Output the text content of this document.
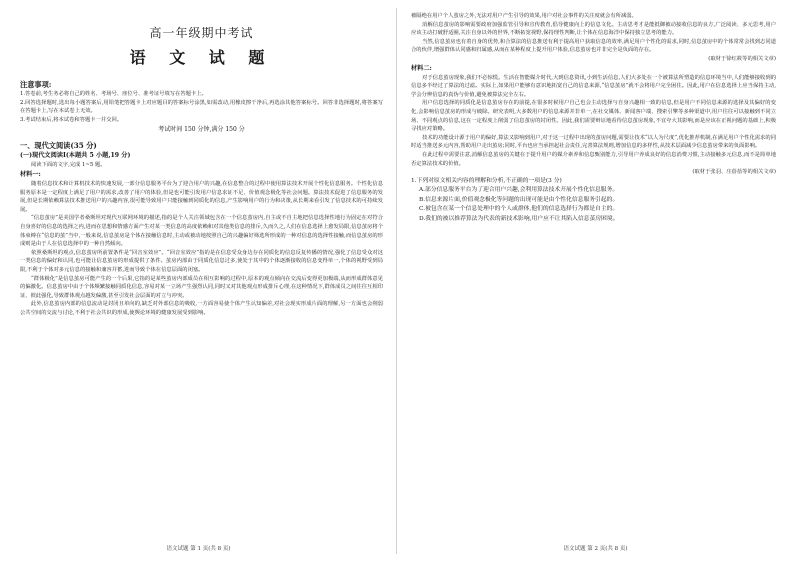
高一年级期中考试
语 文 试 题
注意事项:

1.答卷前,考生务必将自己的姓名、考场号、座位号、准考证号填写在答题卡上。

2.回答选择题时,选出每小题答案后,用铅笔把答题卡上对应题目的答案标号涂黑,如需改动,用橡皮擦干净后,再选涂其他答案标号。回答非选择题时,将答案写在答题卡上,写在本试卷上无效。

3.考试结束后,将本试卷和答题卡一并交回。

考试时间 150 分钟,满分 150 分
一、现代文阅读(35 分)
(一)现代文阅读Ⅰ(本题共 5 小题,19 分)

阅读下面的文字,完成 1~5 题。

材料一:

随着信息技术和计算机技术的快速发展,一部分信息服务平台为了迎合用户的兴趣,在信息整合的过程中使用算法技术开展个性化信息服务。个性化信息服务原本是一定程度上满足了用户的需求,改善了用户的体验,但是也可能引发用户信息求证不足、价值观念极化等社会问题。算法技术促进了信息服务的发展,但是长期依赖算法技术推送用户的兴趣内容,很可能导致用户只能接触到同质化的信息,产生影响用户的行为和决策,从长期来看引发了信息技术的可持续发展。

“信息茧房”是美国学者桑斯坦对现代互联网环境的描述,指的是个人关注领域包含在一个信息茧房内,自主或不自主地把信息选择性地行为固定在对符合自身喜好的信息的选择之内,进而在思想和情感方面产生对某一类信息的高度依赖和对其他类信息的排斥,久而久之,人们在信息选择上愈发局限,信息茧房将个体束缚在“信息的茧”当中,一般来说,信息茧房是个体在接触信息时,主动或被动地按照自己的兴趣偏好筛选所形成的一种对信息的选择性接触,而信息茧房的形成则是由于人在信息选择中的一种自然倾向。

依照桑斯坦的观点,信息茧房所前置条件是“回音室效应”。“回音室效应”指的是在信息受众身边存在同质化的信息反复传播的情况,强化了信息受众对这一类信息的偏好和认同,也可能让信息茧房的形成提供了条件。茧房内部由于同质化信息过多,使处于其中的个体逐渐接收的信息变得单一,个体的视野受到局限,不利于个体对多元信息的接触和兼容并蓄,进而导致个体在信息层面的闭塞。

“群体极化”是信息茧房可能产生的一个后果,它指的是某些茧房内部成员在相互影响的过程中,原本的观点倾向在交流后变得更加极端,从而形成群体意见的偏激化。信息茧房中由于个体频繁接触同质化信息,容易对某一立场产生强烈认同,同时又对其他观点形成排斥心理,在这种情况下,群体成员之间往往互相印证、彼此强化,导致群体观点越发偏激,甚至引发社会层面的对立与冲突。

此外,信息茧房内部的信息流动是封闭且单向的,缺乏对外部信息的吸收,一方面容易使个体产生认知偏差,对社会现实形成片面的理解,另一方面也会削弱公共空间的交流与讨论,不利于社会共识的形成,使舆论环境的健康发展受到影响。

语文试题 第 1 页(共 8 页)

被隔绝在用户个人茧房之外,无法对用户产生引导的效果,用户对社会事件的关注度就会有所减弱。

消解信息茧房的影响需要政府加强监管引导和宣传教育,倡导健康向上的信息文化。主动思考才是能抵御被动接收信息的良方,广泛阅读、多元思考,用户应该主动打破舒适圈,关注自身以外的世界,不断拓宽视野,保持理性判断,让个体在信息海洋中保持独立思考的能力。

当然,信息茧房也有着自身的优势,和合算法的信息推送有利于提高用户获取信息的效率,满足用户个性化的需求,同时,信息茧房中的个体常常会找到志同道合的伙伴,增强群体认同感和归属感,从而在某种程度上提升用户体验,信息茧房也并非完全是负面的存在。

(取材于徐红筱等的相关文章)
材料二:

对于信息茧房现象,我们不必惊慌。生活在智能媒介时代,大到信息资讯,小到生活信息,人们大多处在一个被算法所塑造的信息环境当中,人们能够接收到的信息多半经过了算法的过滤。实际上,如果用户能够有意识地拓宽自己的信息来源,“信息茧房”就不会将用户完全困住。因此,用户在信息选择上应当保持主动,学会分辨信息的真伪与价值,避免被算法完全左右。

用户信息选择的同质化是信息茧房存在的前提,在很多时候用户自己也会主动选择与自身兴趣相一致的信息,但是用户不同信息来源的选择及其偏好的变化,会影响信息茧房的形成与破除。研究表明,大多数用户的信息来源并非单一,在社交媒体、新闻客户端、搜索引擎等多种渠道中,用户往往可以接触到不同立场、不同观点的信息,这在一定程度上削弱了信息茧房的封闭性。因此,我们需要辩证地看待信息茧房现象,不宜夸大其影响,而是应该在正视问题的基础上,积极寻找应对策略。

技术的功能设计源于用户的偏好,算法又影响到用户,对于这一过程中出现的茧房问题,需要让技术“以人为尺度”,优化推荐机制,在满足用户个性化需求的同时适当推送多元内容,帮助用户走出茧房;同时,平台也应当承担起社会责任,完善算法规则,增加信息的多样性,从技术层面减少信息茧房带来的负面影响。

在此过程中需要注意,消解信息茧房的关键在于提升用户的媒介素养和信息甄别能力,引导用户养成良好的信息消费习惯,主动接触多元信息,而不是简单地否定算法技术的价值。

(取材于张羽、庄蓓蓓等的相关文章)

1.下列对原文相关内容的理解和分析,不正确的一项是(3 分)

A.部分信息服务平台为了迎合用户兴趣,会利用算法技术开展个性化信息服务。

B.信息来源片面,价值观念极化等问题的出现可能是由个性化信息服务引起的。

C.被包含在某一个信息处理中的个人或群体,他们的信息选择行为都是自主的。

D.我们的被以推荐算法为代表的新技术影响,用户应不让其陷入信息茧房困境。

语文试题 第 2 页(共 8 页)
